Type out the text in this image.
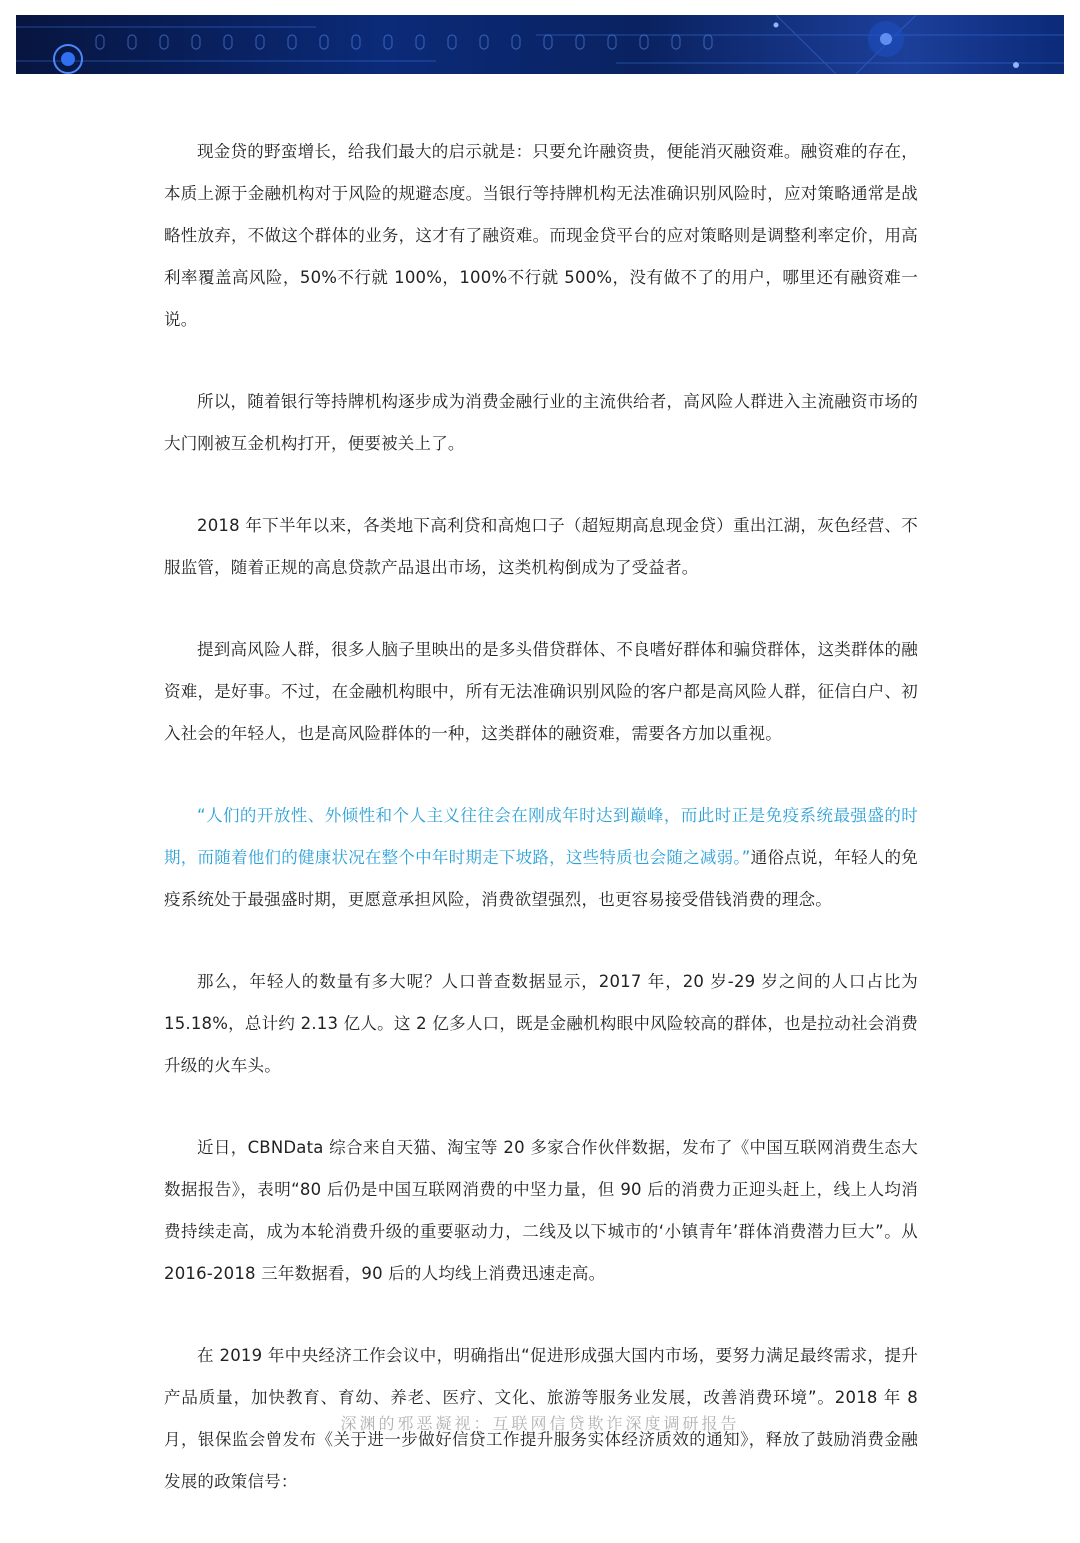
现金贷的野蛮增长，给我们最大的启示就是：只要允许融资贵，便能消灭融资难。融资难的存在，本质上源于金融机构对于风险的规避态度。当银行等持牌机构无法准确识别风险时，应对策略通常是战略性放弃，不做这个群体的业务，这才有了融资难。而现金贷平台的应对策略则是调整利率定价，用高利率覆盖高风险，50%不行就 100%，100%不行就 500%，没有做不了的用户，哪里还有融资难一说。

所以，随着银行等持牌机构逐步成为消费金融行业的主流供给者，高风险人群进入主流融资市场的大门刚被互金机构打开，便要被关上了。

2018 年下半年以来，各类地下高利贷和高炮口子（超短期高息现金贷）重出江湖，灰色经营、不服监管，随着正规的高息贷款产品退出市场，这类机构倒成为了受益者。

提到高风险人群，很多人脑子里映出的是多头借贷群体、不良嗜好群体和骗贷群体，这类群体的融资难，是好事。不过，在金融机构眼中，所有无法准确识别风险的客户都是高风险人群，征信白户、初入社会的年轻人，也是高风险群体的一种，这类群体的融资难，需要各方加以重视。

“人们的开放性、外倾性和个人主义往往会在刚成年时达到巅峰，而此时正是免疫系统最强盛的时期，而随着他们的健康状况在整个中年时期走下坡路，这些特质也会随之减弱。”通俗点说，年轻人的免疫系统处于最强盛时期，更愿意承担风险，消费欲望强烈，也更容易接受借钱消费的理念。

那么，年轻人的数量有多大呢？人口普查数据显示，2017 年，20 岁-29 岁之间的人口占比为 15.18%，总计约 2.13 亿人。这 2 亿多人口，既是金融机构眼中风险较高的群体，也是拉动社会消费升级的火车头。

近日，CBNData 综合来自天猫、淘宝等 20 多家合作伙伴数据，发布了《中国互联网消费生态大数据报告》，表明“80 后仍是中国互联网消费的中坚力量，但 90 后的消费力正迎头赶上，线上人均消费持续走高，成为本轮消费升级的重要驱动力，二线及以下城市的‘小镇青年’群体消费潜力巨大”。从 2016-2018 三年数据看，90 后的人均线上消费迅速走高。

在 2019 年中央经济工作会议中，明确指出“促进形成强大国内市场，要努力满足最终需求，提升产品质量，加快教育、育幼、养老、医疗、文化、旅游等服务业发展，改善消费环境”。2018 年 8 月，银保监会曾发布《关于进一步做好信贷工作提升服务实体经济质效的通知》，释放了鼓励消费金融发展的政策信号：

深渊的邪恶凝视：互联网信贷欺诈深度调研报告
